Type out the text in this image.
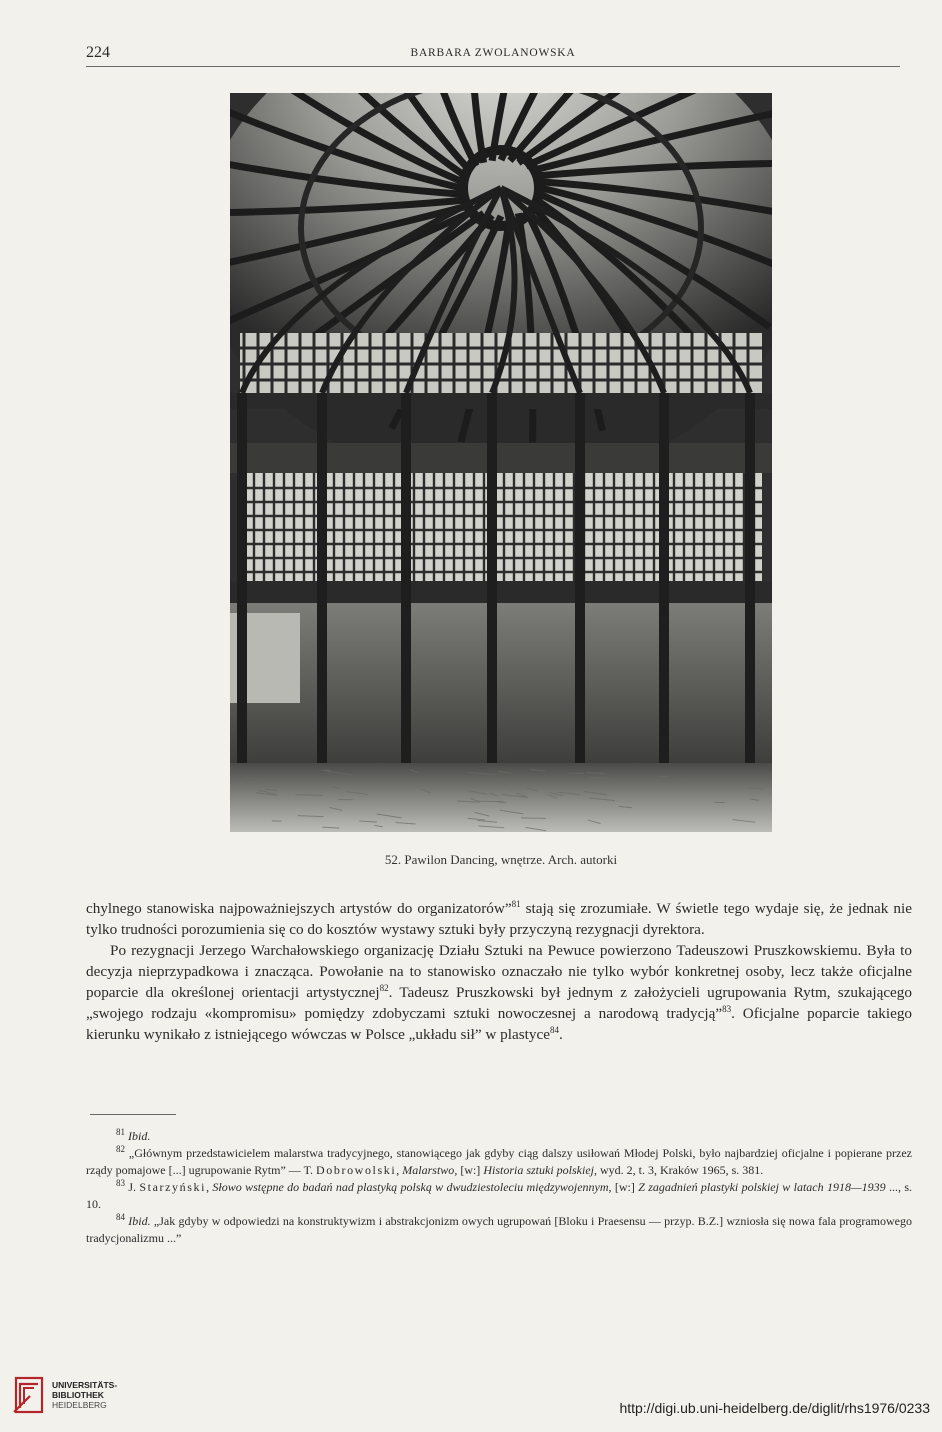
224	BARBARA ZWOLANOWSKA
52. Pawilon Dancing, wnętrze. Arch. autorki

chylnego stanowiska najpoważniejszych artystów do organizatorów”$^{81}$ stają się zrozumiałe. W świetle tego wydaje się, że jednak nie tylko trudności porozumienia się co do kosztów wystawy sztuki były przyczyną rezygnacji dyrektora.

Po rezygnacji Jerzego Warchałowskiego organizację Działu Sztuki na Pewuce powierzono Tadeuszowi Pruszkowskiemu. Była to decyzja nieprzypadkowa i znacząca. Powołanie na to stanowisko oznaczało nie tylko wybór konkretnej osoby, lecz także oficjalne poparcie dla określonej orientacji artystycznej$^{82}$. Tadeusz Pruszkowski był jednym z założycieli ugrupowania Rytm, szukającego „swojego rodzaju «kompromisu» pomiędzy zdobyczami sztuki nowoczesnej a narodową tradycją”$^{83}$. Oficjalne poparcie takiego kierunku wynikało z istniejącego wówczas w Polsce „układu sił” w plastyce$^{84}$.

$^{81}$ Ibid.

$^{82}$ „Głównym przedstawicielem malarstwa tradycyjnego, stanowiącego jak gdyby ciąg dalszy usiłowań Młodej Polski, było najbardziej oficjalne i popierane przez rządy pomajowe [...] ugrupowanie Rytm” — T. Dobrowolski, Malarstwo, [w:] Historia sztuki polskiej, wyd. 2, t. 3, Kraków 1965, s. 381.

$^{83}$ J. Starzyński, Słowo wstępne do badań nad plastyką polską w dwudziestoleciu międzywojennym, [w:] Z zagadnień plastyki polskiej w latach 1918—1939 ..., s. 10.

$^{84}$ Ibid. „Jak gdyby w odpowiedzi na konstruktywizm i abstrakcjonizm owych ugrupowań [Bloku i Praesensu — przyp. B.Z.] wzniosła się nowa fala programowego tradycjonalizmu ...”

UNIVERSITÄTS-
BIBLIOTHEK
HEIDELBERG	http://digi.ub.uni-heidelberg.de/diglit/rhs1976/0233
